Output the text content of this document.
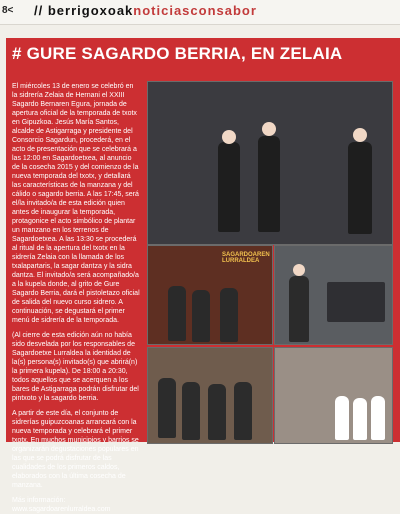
8< // berrigoxoaknoticiasconsabor
# GURE SAGARDO BERRIA, EN ZELAIA

El miércoles 13 de enero se celebró en la sidrería Zelaia de Hernani el XXIII Sagardo Bernaren Egura, jornada de apertura oficial de la temporada de txotx en Gipuzkoa. Jesús María Santos, alcalde de Astigarraga y presidente del Consorcio Sagardun, procederá, en el acto de presentación que se celebrará a las 12:00 en Sagardoetxea, al anuncio de la cosecha 2015 y del comienzo de la nueva temporada del txotx, y detallará las características de la manzana y del cálido o sagardo berria. A las 17:45, será el/la invitado/a de esta edición quien antes de inaugurar la temporada, protagonice el acto simbólico de plantar un manzano en los terrenos de Sagardoetxea. A las 13:30 se procederá al ritual de la apertura del txotx en la sidrería Zelaia con la llamada de los txalapartaris, la sagar dantza y la sidra dantza. El invitado/a será acompañado/a a la kupela donde, al grito de Gure Sagardo Berria, dará el pistoletazo oficial de salida del nuevo curso sidrero. A continuación, se degustará el primer menú de sidrería de la temporada.

(Al cierre de esta edición aún no había sido desvelada por los responsables de Sagardoetxe Lurraldea la identidad de la(s) persona(s) invitado(s) que abrirá(n) la primera kupela). De 18:00 a 20:30, todos aquellos que se acerquen a los bares de Astigarraga podrán disfrutar del pintxoto y la sagardo berria.

A partir de este día, el conjunto de sidrerías guipuzcoanas arrancará con la nueva temporada y celebrará el primer txotx. En muchos municipios y barrios se organizarán degustaciones populares en las que se podrá disfrutar de las cualidades de los primeros caldos, elaborados con la última cosecha de manzana.

Más información:
www.sagardoarenlurraldea.com
SAGARDOAREN LURRALDEA
